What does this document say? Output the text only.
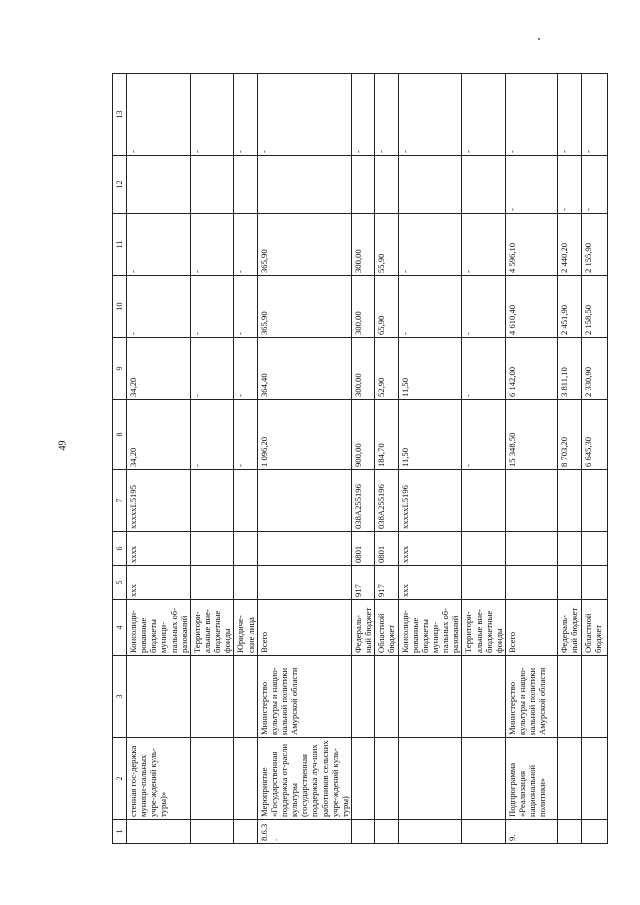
49
1	2	3	4	5	6	7	8	9	10	11	12	13
	стенная гос-держка муници-пальных учре-ждений куль-туры)»		Консолиди-рованные бюджеты муници-пальных об-разований	ххх	хххх	хххххL5195	34,20	34,20	-	-		-
			Территори-альные вне-бюджетные фонды				-	-	-	-		-
			Юридиче-ские лица				-	-	-	-		-
8.6.3.	Мероприятие «Государственная поддержка от-расли культуры (государственная поддержка луч-ших работников сельских учре-ждений куль-туры)	Министерство культуры и нацио-нальной политики Амурской области	Всего				1 096,20	364,40	365,90	365,90		-
			Федераль-ный бюджет	917	0801	038А255196	900,00	300,00	300,00	300,00		-
			Областной бюджет	917	0801	038А255196	184,70	52,90	65,90	55,90		-
			Консолиди-рованные бюджеты муници-пальных об-разований	ххх	хххх	хххххL5196	11,50	11,50	-	-		-
			Территори-альные вне-бюджетные фонды				-	-	-	-		-
9.	Подпрограмма «Реализация национальной политики»	Министерство культуры и нацио-нальной политики Амурской области	Всего				15 348,50	6 142,00	4 610,40	4 596,10	-	-
			Федераль-ный бюджет				8 703,20	3 811,10	2 451,90	2 440,20	-	-
			Областной бюджет				6 645,30	2 330,90	2 158,50	2 155,90	-	-
